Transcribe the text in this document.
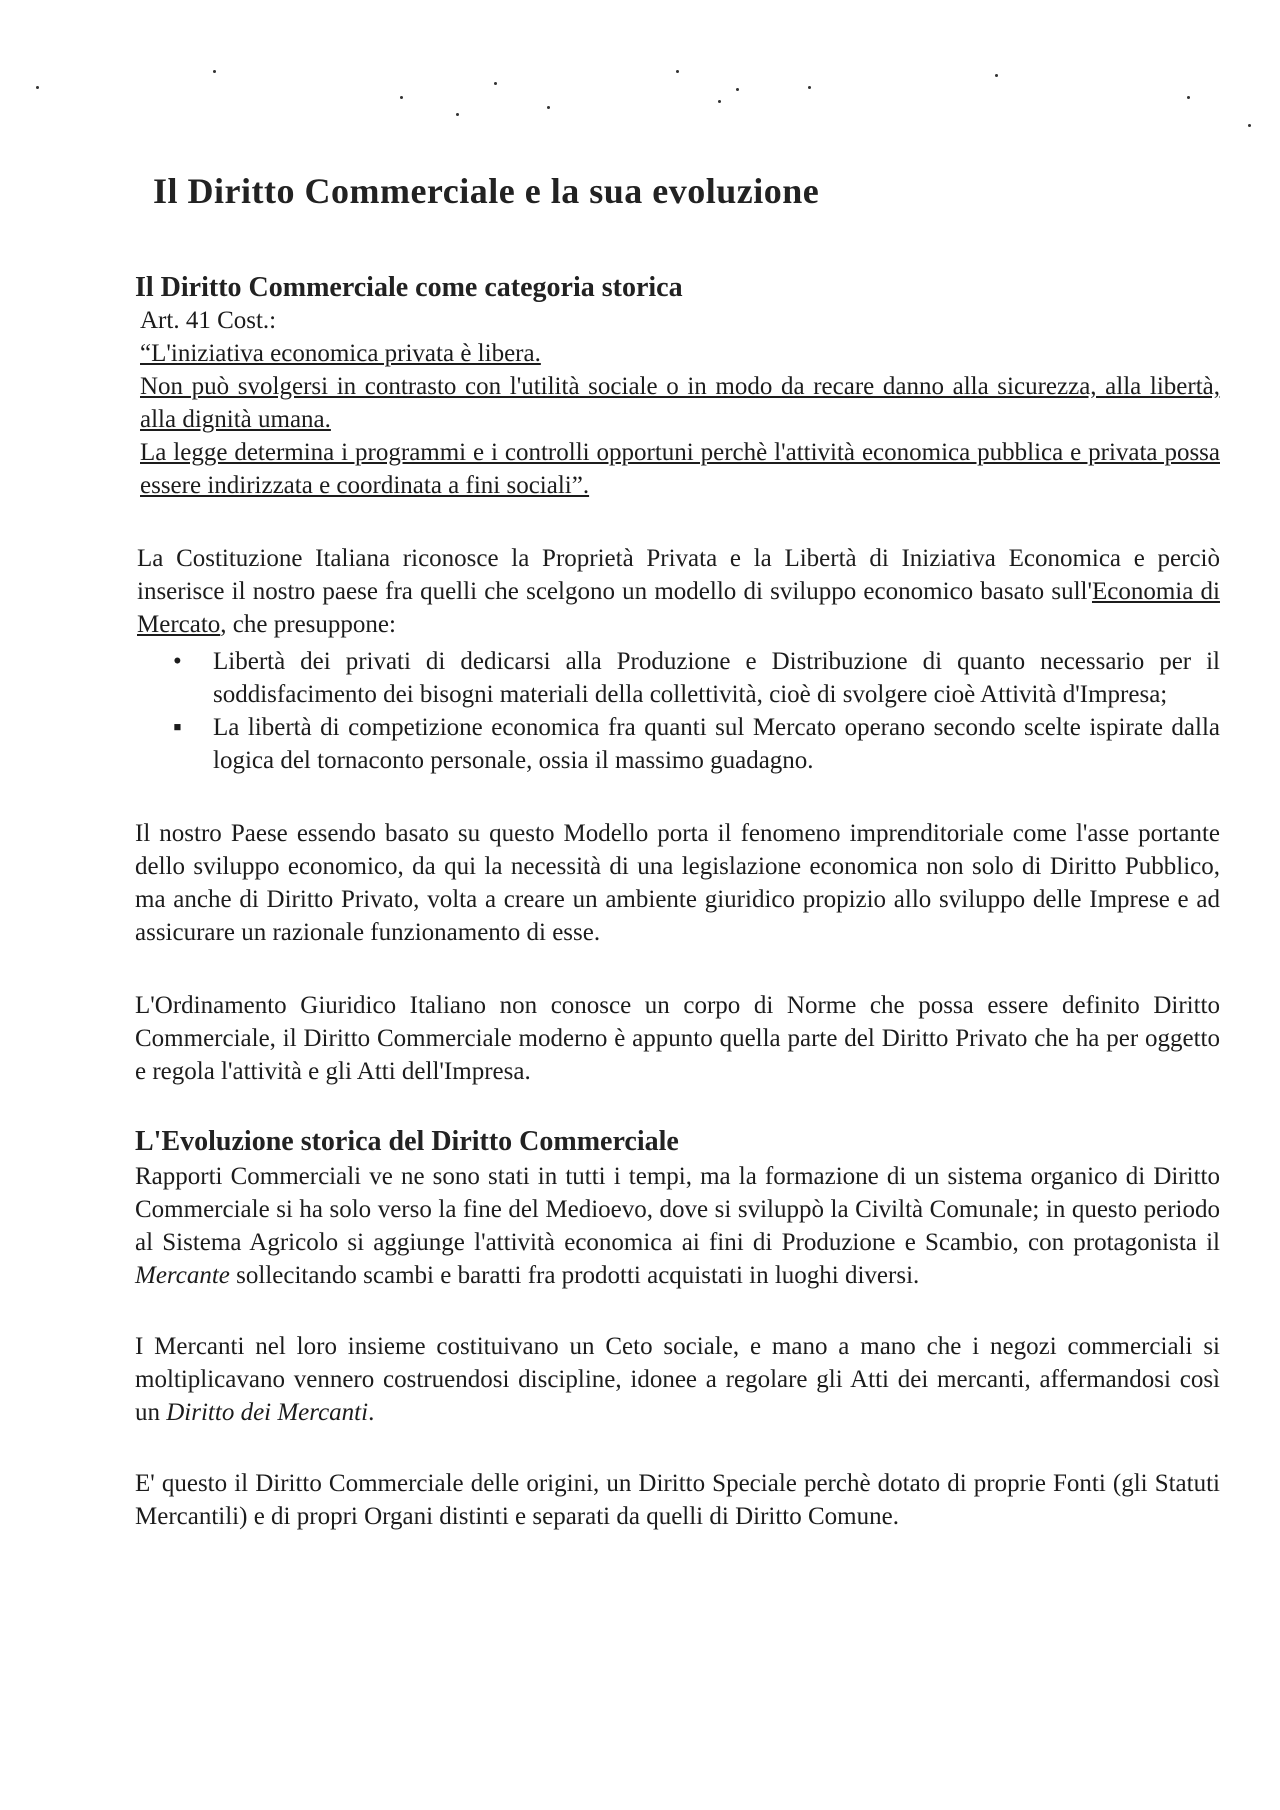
Il Diritto Commerciale e la sua evoluzione
Il Diritto Commerciale come categoria storica

Art. 41 Cost.:

“L'iniziativa economica privata è libera.

Non può svolgersi in contrasto con l'utilità sociale o in modo da recare danno alla sicurezza, alla libertà, alla dignità umana.

La legge determina i programmi e i controlli opportuni perchè l'attività economica pubblica e privata possa essere indirizzata e coordinata a fini sociali”.

La Costituzione Italiana riconosce la Proprietà Privata e la Libertà di Iniziativa Economica e perciò inserisce il nostro paese fra quelli che scelgono un modello di sviluppo economico basato sull'Economia di Mercato, che presuppone:

• Libertà dei privati di dedicarsi alla Produzione e Distribuzione di quanto necessario per il soddisfacimento dei bisogni materiali della collettività, cioè di svolgere cioè Attività d'Impresa;
▪ La libertà di competizione economica fra quanti sul Mercato operano secondo scelte ispirate dalla logica del tornaconto personale, ossia il massimo guadagno.

Il nostro Paese essendo basato su questo Modello porta il fenomeno imprenditoriale come l'asse portante dello sviluppo economico, da qui la necessità di una legislazione economica non solo di Diritto Pubblico, ma anche di Diritto Privato, volta a creare un ambiente giuridico propizio allo sviluppo delle Imprese e ad assicurare un razionale funzionamento di esse.

L'Ordinamento Giuridico Italiano non conosce un corpo di Norme che possa essere definito Diritto Commerciale, il Diritto Commerciale moderno è appunto quella parte del Diritto Privato che ha per oggetto e regola l'attività e gli Atti dell'Impresa.

L'Evoluzione storica del Diritto Commerciale

Rapporti Commerciali ve ne sono stati in tutti i tempi, ma la formazione di un sistema organico di Diritto Commerciale si ha solo verso la fine del Medioevo, dove si sviluppò la Civiltà Comunale; in questo periodo al Sistema Agricolo si aggiunge l'attività economica ai fini di Produzione e Scambio, con protagonista il Mercante sollecitando scambi e baratti fra prodotti acquistati in luoghi diversi.

I Mercanti nel loro insieme costituivano un Ceto sociale, e mano a mano che i negozi commerciali si moltiplicavano vennero costruendosi discipline, idonee a regolare gli Atti dei mercanti, affermandosi così un Diritto dei Mercanti.

E' questo il Diritto Commerciale delle origini, un Diritto Speciale perchè dotato di proprie Fonti (gli Statuti Mercantili) e di propri Organi distinti e separati da quelli di Diritto Comune.
